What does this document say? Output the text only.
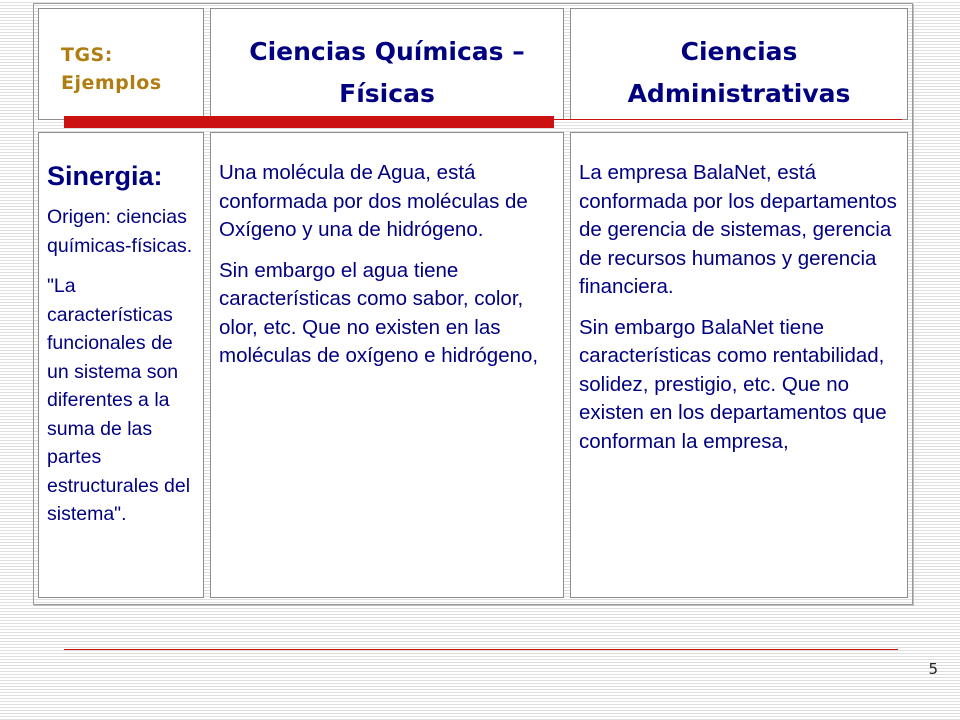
TGS:
Ejemplos

Ciencias Químicas –
Físicas
Ciencias
Administrativas
Sinergia:

Origen: ciencias químicas-físicas.

"La características funcionales de un sistema son diferentes a la suma de las partes estructurales del sistema".

Una molécula de Agua, está conformada por dos moléculas de Oxígeno y una de hidrógeno.

Sin embargo el agua tiene características como sabor, color, olor, etc. Que no existen en las moléculas de oxígeno e hidrógeno,

La empresa BalaNet, está conformada por los departamentos de gerencia de sistemas, gerencia de recursos humanos y gerencia financiera.

Sin embargo BalaNet tiene características como rentabilidad, solidez, prestigio, etc. Que no existen en los departamentos que conforman la empresa,

5
